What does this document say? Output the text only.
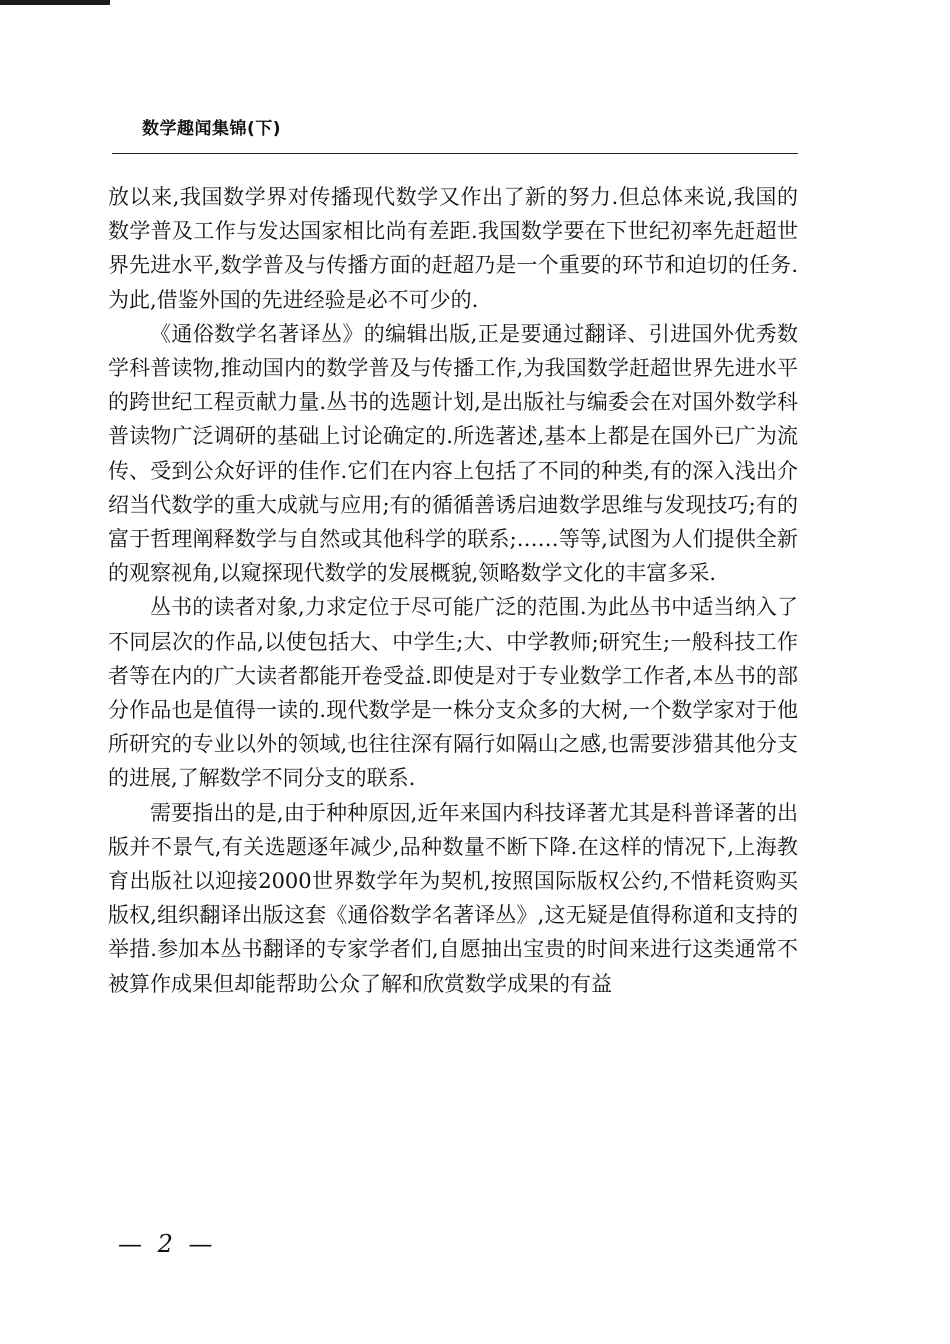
数学趣闻集锦(下)

放以来,我国数学界对传播现代数学又作出了新的努力.但总体来说,我国的数学普及工作与发达国家相比尚有差距.我国数学要在下世纪初率先赶超世界先进水平,数学普及与传播方面的赶超乃是一个重要的环节和迫切的任务.为此,借鉴外国的先进经验是必不可少的.

《通俗数学名著译丛》的编辑出版,正是要通过翻译、引进国外优秀数学科普读物,推动国内的数学普及与传播工作,为我国数学赶超世界先进水平的跨世纪工程贡献力量.丛书的选题计划,是出版社与编委会在对国外数学科普读物广泛调研的基础上讨论确定的.所选著述,基本上都是在国外已广为流传、受到公众好评的佳作.它们在内容上包括了不同的种类,有的深入浅出介绍当代数学的重大成就与应用;有的循循善诱启迪数学思维与发现技巧;有的富于哲理阐释数学与自然或其他科学的联系;……等等,试图为人们提供全新的观察视角,以窥探现代数学的发展概貌,领略数学文化的丰富多采.

丛书的读者对象,力求定位于尽可能广泛的范围.为此丛书中适当纳入了不同层次的作品,以使包括大、中学生;大、中学教师;研究生;一般科技工作者等在内的广大读者都能开卷受益.即使是对于专业数学工作者,本丛书的部分作品也是值得一读的.现代数学是一株分支众多的大树,一个数学家对于他所研究的专业以外的领域,也往往深有隔行如隔山之感,也需要涉猎其他分支的进展,了解数学不同分支的联系.

需要指出的是,由于种种原因,近年来国内科技译著尤其是科普译著的出版并不景气,有关选题逐年减少,品种数量不断下降.在这样的情况下,上海教育出版社以迎接2000世界数学年为契机,按照国际版权公约,不惜耗资购买版权,组织翻译出版这套《通俗数学名著译丛》,这无疑是值得称道和支持的举措.参加本丛书翻译的专家学者们,自愿抽出宝贵的时间来进行这类通常不被算作成果但却能帮助公众了解和欣赏数学成果的有益

— 2 —
